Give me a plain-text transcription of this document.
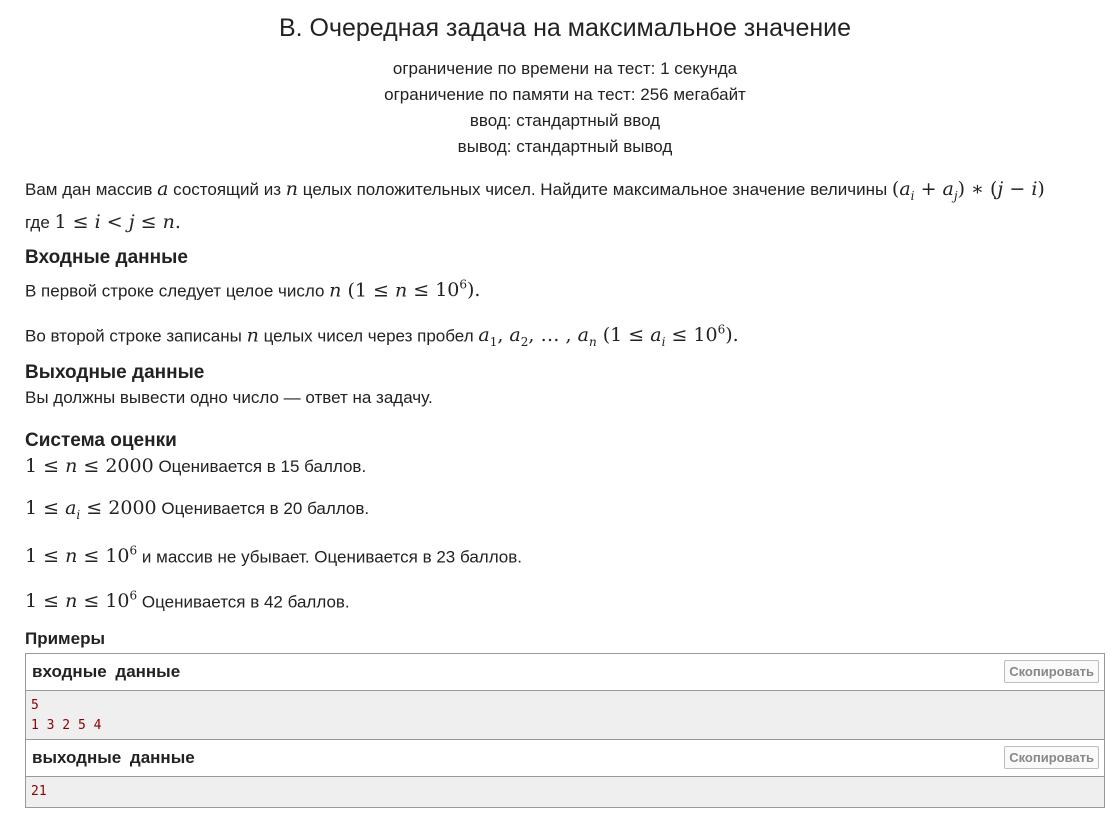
B. Очередная задача на максимальное значение
ограничение по времени на тест: 1 секунда
ограничение по памяти на тест: 256 мегабайт
ввод: стандартный ввод
вывод: стандартный вывод
Вам дан массив a состоящий из n целых положительных чисел. Найдите максимальное значение величины $(a_i + a_j)$ ∗ (j − i)
где 1 ≤ i < j ≤ n.
Входные данные
В первой строке следует целое число n $(1 \le n \le 10^6)$.
Во второй строке записаны n целых чисел через пробел $a_1$, $a_2$, … , $a_n$ $(1 \le a_i \le 10^6)$.
Выходные данные
Вы должны вывести одно число — ответ на задачу.
Система оценки
1 ≤ n ≤ 2000 Оценивается в 15 баллов.
$1 \le a_i \le 2000$ Оценивается в 20 баллов.
$1 \le n \le 10^6$ и массив не убывает. Оценивается в 23 баллов.
$1 \le n \le 10^6$ Оценивается в 42 баллов.
Примеры
входные данные	Скопировать
5
1 3 2 5 4
выходные данные	Скопировать
21
